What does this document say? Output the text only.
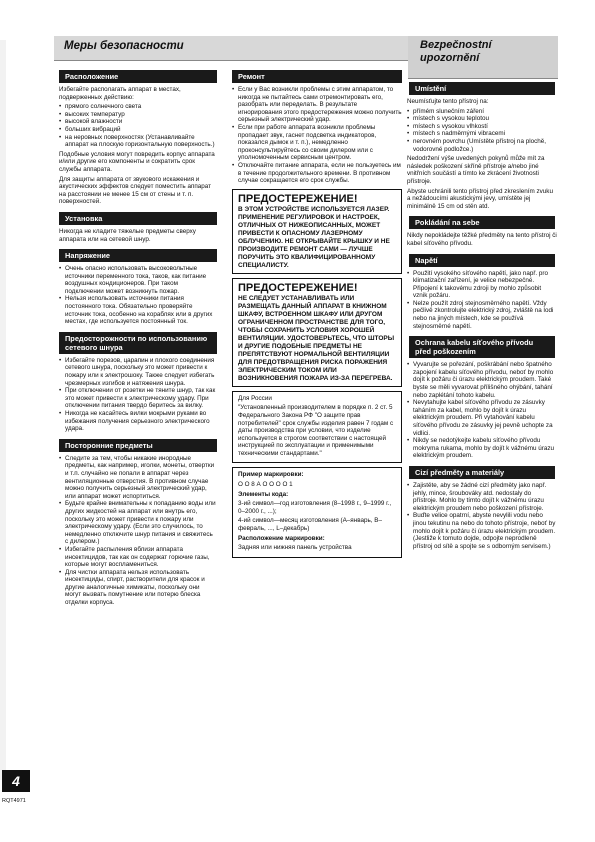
Меры безопасности	Bezpečnostní
upozornění
Расположение

Избегайте располагать аппарат в местах, подверженных действию:

• прямого солнечного света
• высоких температур
• высокой влажности
• больших вибраций
• на неровных поверхностях (Устанавливайте аппарат на плоскую горизонтальную поверхность.)

Подобные условия могут повредить корпус аппарата и/или другие его компоненты и сократить срок службы аппарата.

Для защиты аппарата от звукового искажения и акустических эффектов следует поместить аппарат на расстоянии не менее 15 см от стены и т. п. поверхностей.

Установка

Никогда не кладите тяжелые предметы сверху аппарата или на сетевой шнур.

Напряжение
• Очень опасно использовать высоковольтные источники переменного тока, таков, как питание воздушных кондиционеров. При таком подключении может возникнуть пожар.
• Нельзя использовать источники питания постоянного тока. Обязательно проверяйте источник тока, особенно на кораблях или в других местах, где используется постоянный ток.
Предосторожности по использованию сетевого шнура
• Избегайте порезов, царапин и плохого соединения сетевого шнура, поскольку это может привести к пожару или к электрошоку. Также следует избегать чрезмерных изгибов и натяжения шнура.
• При отключении от розетки не тяните шнур, так как это может привести к электрическому удару. При отключении питания твердо беритесь за вилку.
• Никогда не касайтесь вилки мокрыми руками во избежания получения серьезного электрического удара.
Посторонние предметы
• Следите за тем, чтобы никакие инородные предметы, как например, иголки, монеты, отвертки и т.п. случайно не попали в аппарат через вентиляционные отверстия. В противном случае можно получить серьезный электрический удар, или аппарат может испортиться.
• Будьте крайне внимательны к попаданию воды или других жидкостей на аппарат или внутрь его, поскольку это может привести к пожару или электрическому удару. (Если это случилось, то немедленно отключите шнур питания и свяжитесь с дилером.)
• Избегайте распыления вблизи аппарата инсектицидов, так как он содержат горючие газы, которые могут воспламениться.
• Для чистки аппарата нельзя использовать инсектициды, спирт, растворители для красок и другие аналогичные химикаты, поскольку они могут вызвать помутнение или потерю блеска отделки корпуса.
Ремонт
• Если у Вас возникли проблемы с этим аппаратом, то никогда не пытайтесь сами отремонтировать его, разобрать или переделать. В результате игнорирования этого предостережения можно получить серьезный электрический удар.
• Если при работе аппарата возникли проблемы пропадает звук, гаснет подсветка индикаторов, показался дымок и т. п.), немедленно проконсультируйтесь со своим дилером или с уполномоченным сервисным центром.
• Отключайте питание аппарата, если не пользуетесь им в течение продолжительного времени. В противном случае сокращается его срок службы.
ПРЕДОСТЕРЕЖЕНИЕ!
В ЭТОМ УСТРОЙСТВЕ ИСПОЛЬЗУЕТСЯ ЛАЗЕР. ПРИМЕНЕНИЕ РЕГУЛИРОВОК И НАСТРОЕК, ОТЛИЧНЫХ ОТ НИЖЕОПИСАННЫХ, МОЖЕТ ПРИВЕСТИ К ОПАСНОМУ ЛАЗЕРНОМУ ОБЛУЧЕНИЮ. НЕ ОТКРЫВАЙТЕ КРЫШКУ И НЕ ПРОИЗВОДИТЕ РЕМОНТ САМИ — ЛУЧШЕ ПОРУЧИТЬ ЭТО КВАЛИФИЦИРОВАННОМУ СПЕЦИАЛИСТУ.
ПРЕДОСТЕРЕЖЕНИЕ!
НЕ СЛЕДУЕТ УСТАНАВЛИВАТЬ ИЛИ РАЗМЕЩАТЬ ДАННЫЙ АППАРАТ В КНИЖНОМ ШКАФУ, ВСТРОЕННОМ ШКАФУ ИЛИ ДРУГОМ ОГРАНИЧЕННОМ ПРОСТРАНСТВЕ ДЛЯ ТОГО, ЧТОБЫ СОХРАНИТЬ УСЛОВИЯ ХОРОШЕЙ ВЕНТИЛЯЦИИ. УДОСТОВЕРЬТЕСЬ, ЧТО ШТОРЫ И ДРУГИЕ ПОДОБНЫЕ ПРЕДМЕТЫ НЕ ПРЕПЯТСТВУЮТ НОРМАЛЬНОЙ ВЕНТИЛЯЦИИ ДЛЯ ПРЕДОТВРАЩЕНИЯ РИСКА ПОРАЖЕНИЯ ЭЛЕКТРИЧЕСКИМ ТОКОМ ИЛИ ВОЗНИКНОВЕНИЯ ПОЖАРА ИЗ-ЗА ПЕРЕГРЕВА.

Для России

"Установленный производителем в порядке п. 2 ст. 5 Федерального Закона РФ "О защите прав потребителей" срок службы изделия равен 7 годам с даты производства при условии, что изделие используется в строгом соответствии с настоящей инструкцией по эксплуатации и применимыми техническими стандартами."

Пример маркировки:

О О 8 А О О О О 1

Элементы кода:

3-ий символ—год изготовления (8–1998 г., 9–1999 г., 0–2000 г., ...);

4-ий символ—месяц изготовления (А–январь, В–февраль, ..., L–декабрь)

Расположение маркировки:

Задняя или нижняя панель устройства

Umístění

Neumísťujte tento přístroj na:

• přímém slunečním záření
• místech s vysokou teplotou
• místech s vysokou vlhkostí
• místech s nadměrnými vibracemi
• nerovném povrchu (Umístěte přístroj na plochě, vodorovné podložce.)

Nedodržení výše uvedených pokynů může mít za následek poškození skříně přístroje a/nebo jiné vnitřních součástí a tímto ke zkrácení životnosti přístroje.

Abyste uchránili tento přístroj před zkreslením zvuku a nežádoucími akustickými jevy, umístěte jej minimálně 15 cm od stěn atd.

Pokládání na sebe

Nikdy nepokládejte těžké předměty na tento přístroj či kabel síťového přívodu.

Napětí
• Použití vysokého síťového napětí, jako např. pro klimatizační zařízení, je velice nebezpečné. Připojení k takovému zdroji by mohlo způsobit vznik požáru.
• Nelze použít zdroj stejnosměrného napětí. Vždy pečlivě zkontrolujte elektrický zdroj, zvláště na lodi nebo na jiných místech, kde se používá stejnosměrné napětí.
Ochrana kabelu síťového přívodu před poškozením
• Vyvarujte se pořezání, poškrábání nebo špatného zapojení kabelu síťového přívodu, neboť by mohlo dojít k požáru či úrazu elektrickým proudem. Také byste se měli vyvarovat přílišného ohýbání, tahání nebo zaplétání tohoto kabelu.
• Nevytahujte kabel síťového přívodu ze zásuvky taháním za kabel, mohlo by dojít k úrazu elektrickým proudem. Při vytahování kabelu síťového přívodu ze zásuvky jej pevně uchopte za vidlici.
• Nikdy se nedotýkejte kabelu síťového přívodu mokryma rukama, mohlo by dojít k vážnému úrazu elektrickým proudem.
Cizí předměty a materiály
• Zajistěte, aby se žádné cizí předměty jako např. jehly, mince, šroubováky atd. nedostaly do přístroje. Mohlo by tímto dojít k vážnému úrazu elektrickým proudem nebo poškození přístroje.
• Buďte velice opatrní, abyste nevylili vodu nebo jinou tekutinu na nebo do tohoto přístroje, neboť by mohlo dojít k požáru či úrazu elektrickým proudem. (Jestliže k tomuto dojde, odpojte neprodleně přístroj od sítě a spojte se s odborným servisem.)
4
RQT4971
